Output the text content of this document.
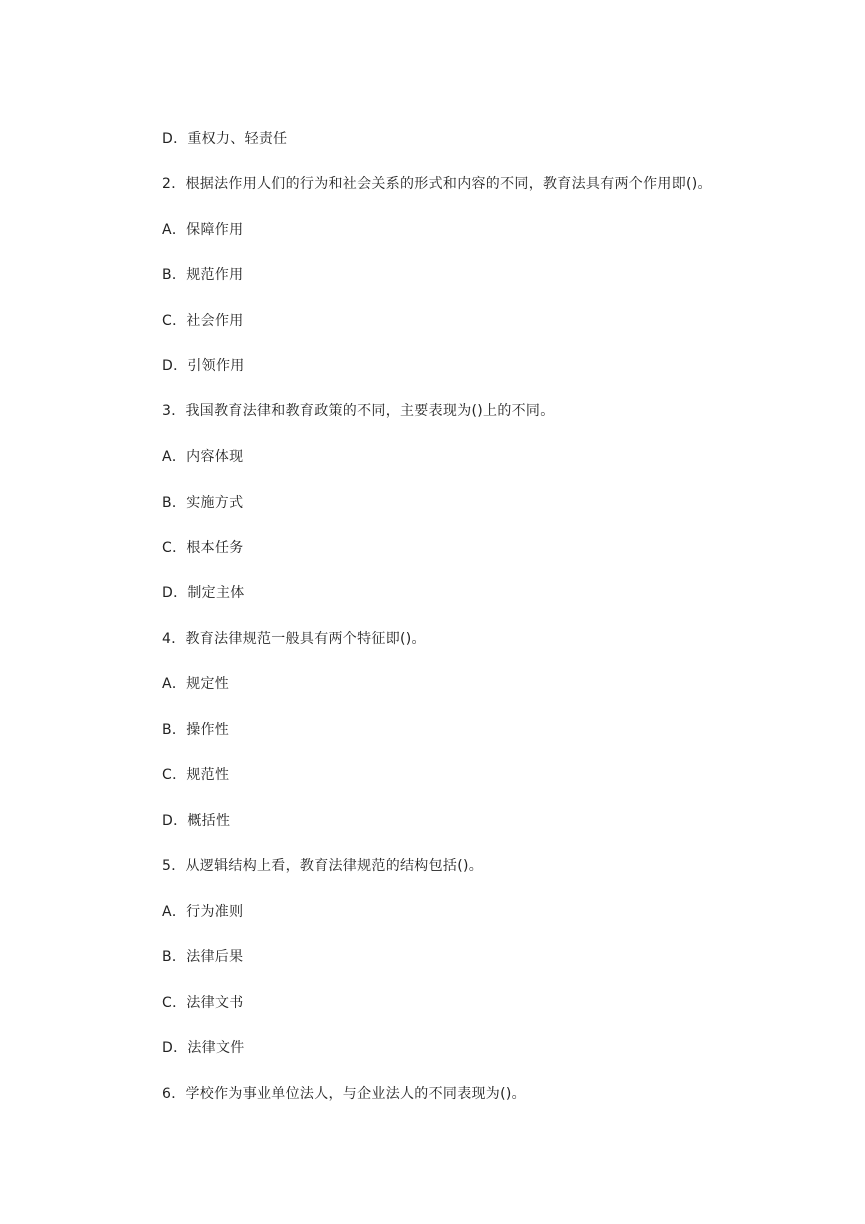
D．重权力、轻责任
2．根据法作用人们的行为和社会关系的形式和内容的不同，教育法具有两个作用即()。
A．保障作用
B．规范作用
C．社会作用
D．引领作用
3．我国教育法律和教育政策的不同，主要表现为()上的不同。
A．内容体现
B．实施方式
C．根本任务
D．制定主体
4．教育法律规范一般具有两个特征即()。
A．规定性
B．操作性
C．规范性
D．概括性
5．从逻辑结构上看，教育法律规范的结构包括()。
A．行为准则
B．法律后果
C．法律文书
D．法律文件
6．学校作为事业单位法人，与企业法人的不同表现为()。
